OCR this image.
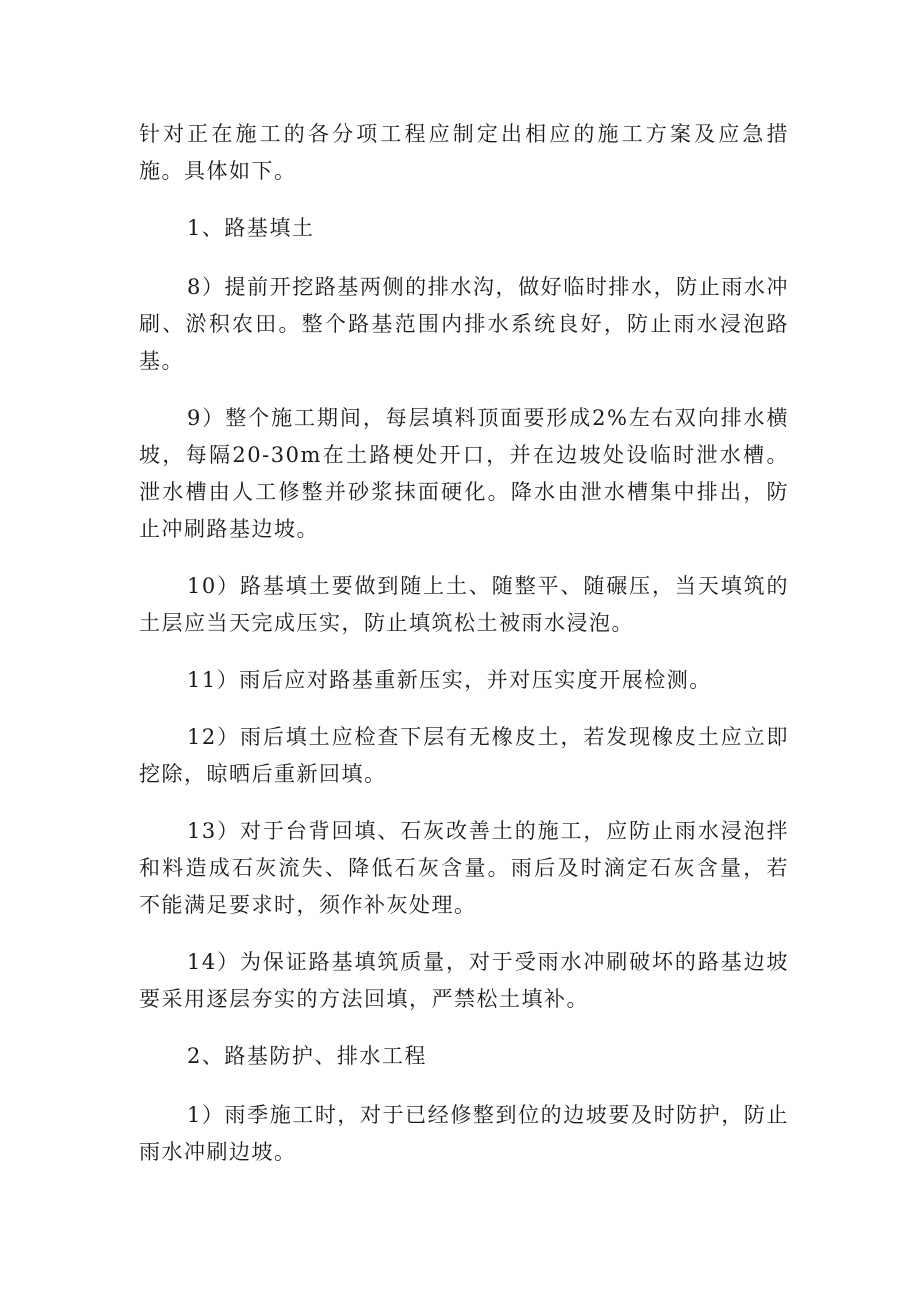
针对正在施工的各分项工程应制定出相应的施工方案及应急措施。具体如下。

1、路基填土

8）提前开挖路基两侧的排水沟，做好临时排水，防止雨水冲刷、淤积农田。整个路基范围内排水系统良好，防止雨水浸泡路基。

9）整个施工期间，每层填料顶面要形成2%左右双向排水横坡，每隔20-30m在土路梗处开口，并在边坡处设临时泄水槽。泄水槽由人工修整并砂浆抹面硬化。降水由泄水槽集中排出，防止冲刷路基边坡。

10）路基填土要做到随上土、随整平、随碾压，当天填筑的土层应当天完成压实，防止填筑松土被雨水浸泡。

11）雨后应对路基重新压实，并对压实度开展检测。

12）雨后填土应检查下层有无橡皮土，若发现橡皮土应立即挖除，晾晒后重新回填。

13）对于台背回填、石灰改善土的施工，应防止雨水浸泡拌和料造成石灰流失、降低石灰含量。雨后及时滴定石灰含量，若不能满足要求时，须作补灰处理。

14）为保证路基填筑质量，对于受雨水冲刷破坏的路基边坡要采用逐层夯实的方法回填，严禁松土填补。

2、路基防护、排水工程

1）雨季施工时，对于已经修整到位的边坡要及时防护，防止雨水冲刷边坡。
